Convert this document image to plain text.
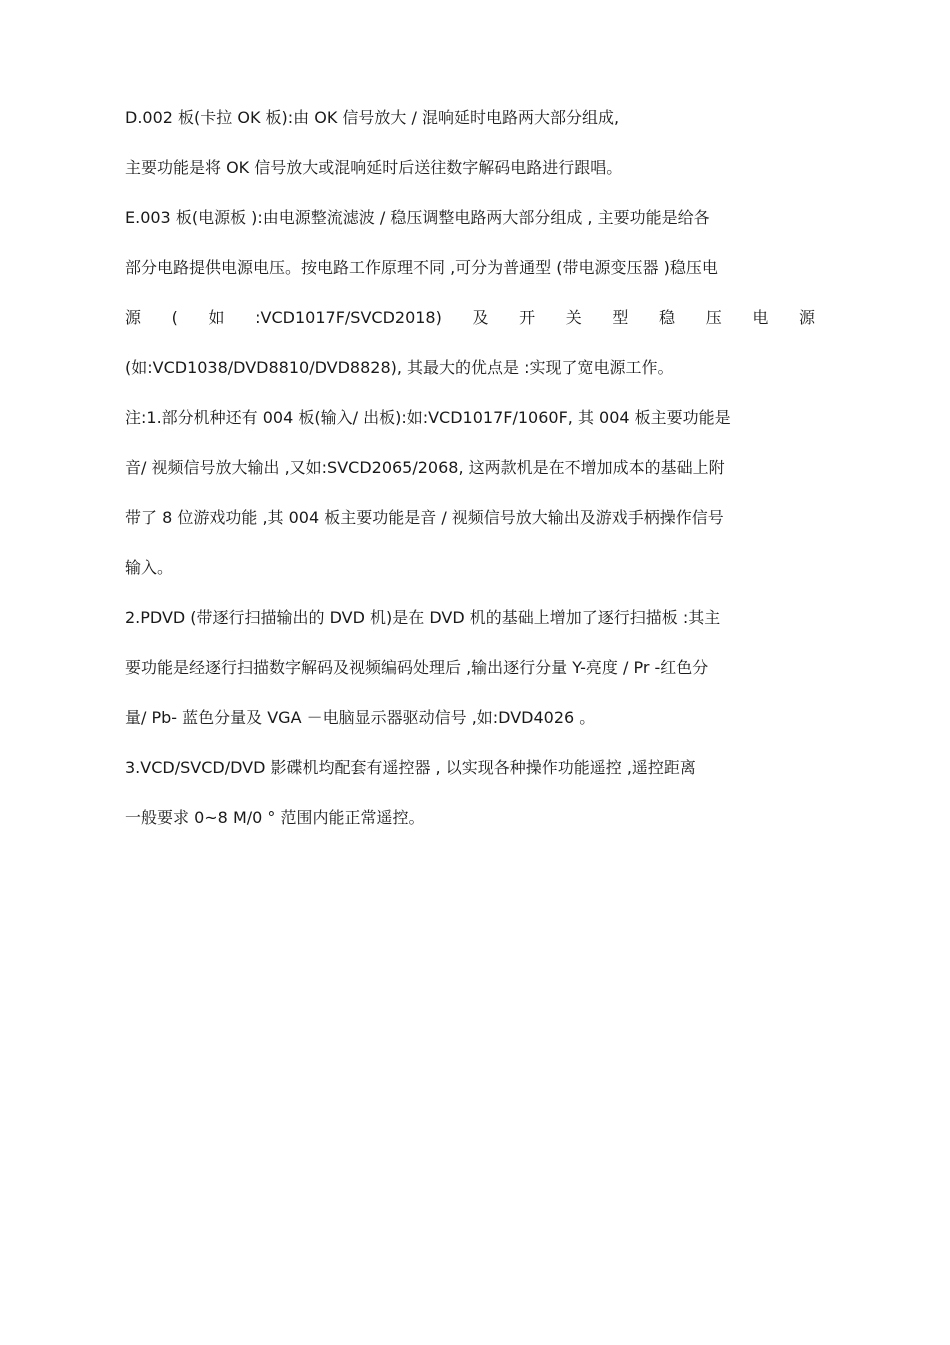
D.002 板(卡拉 OK 板):由 OK 信号放大 / 混响延时电路两大部分组成,
主要功能是将 OK 信号放大或混响延时后送往数字解码电路进行跟唱。
E.003 板(电源板 ):由电源整流滤波 / 稳压调整电路两大部分组成 , 主要功能是给各
部分电路提供电源电压。按电路工作原理不同 ,可分为普通型 (带电源变压器 )稳压电
源 ( 如 :VCD1017F/SVCD2018) 及 开 关 型 稳 压 电 源
(如:VCD1038/DVD8810/DVD8828), 其最大的优点是 :实现了宽电源工作。
注:1.部分机种还有 004 板(输入/ 出板):如:VCD1017F/1060F, 其 004 板主要功能是
音/ 视频信号放大输出 ,又如:SVCD2065/2068, 这两款机是在不增加成本的基础上附
带了 8 位游戏功能 ,其 004 板主要功能是音 / 视频信号放大输出及游戏手柄操作信号
输入。
2.PDVD (带逐行扫描输出的 DVD 机)是在 DVD 机的基础上增加了逐行扫描板 :其主
要功能是经逐行扫描数字解码及视频编码处理后 ,输出逐行分量 Y-亮度 / Pr -红色分
量/ Pb- 蓝色分量及 VGA －电脑显示器驱动信号 ,如:DVD4026 。
3.VCD/SVCD/DVD 影碟机均配套有遥控器 , 以实现各种操作功能遥控 ,遥控距离
一般要求 0~8 M/0 ° 范围内能正常遥控。
